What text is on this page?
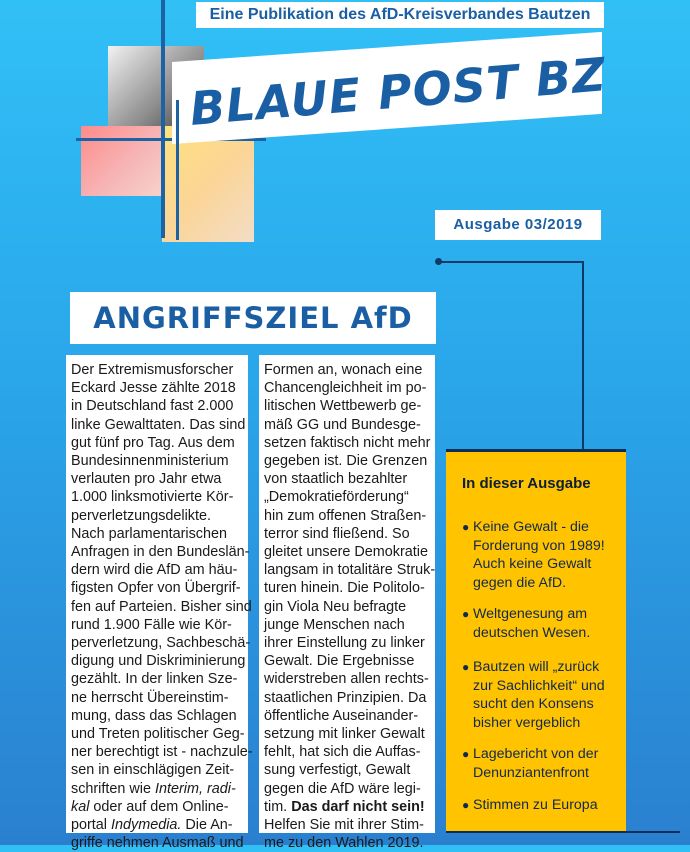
BLAUE POST BZ
Eine Publikation des AfD-Kreisverbandes Bautzen
Ausgabe 03/2019
ANGRIFFSZIEL AfD
Der Extremismusforscher
Eckard Jesse zählte 2018
in Deutschland fast 2.000
linke Gewalttaten. Das sind
gut fünf pro Tag. Aus dem
Bundesinnenministerium
verlauten pro Jahr etwa
1.000 linksmotivierte Kör-
perverletzungsdelikte.
Nach parlamentarischen
Anfragen in den Bundeslän-
dern wird die AfD am häu-
figsten Opfer von Übergrif-
fen auf Parteien. Bisher sind
rund 1.900 Fälle wie Kör-
perverletzung, Sachbeschä-
digung und Diskriminierung
gezählt. In der linken Sze-
ne herrscht Übereinstim-
mung, dass das Schlagen
und Treten politischer Geg-
ner berechtigt ist - nachzule-
sen in einschlägigen Zeit-
schriften wie Interim, radi-
kal oder auf dem Online-
portal Indymedia. Die An-
griffe nehmen Ausmaß und
Formen an, wonach eine
Chancengleichheit im po-
litischen Wettbewerb ge-
mäß GG und Bundesge-
setzen faktisch nicht mehr
gegeben ist. Die Grenzen
von staatlich bezahlter
„Demokratieförderung“
hin zum offenen Straßen-
terror sind fließend. So
gleitet unsere Demokratie
langsam in totalitäre Struk-
turen hinein. Die Politolo-
gin Viola Neu befragte
junge Menschen nach
ihrer Einstellung zu linker
Gewalt. Die Ergebnisse
widerstreben allen rechts-
staatlichen Prinzipien. Da
öffentliche Auseinander-
setzung mit linker Gewalt
fehlt, hat sich die Auffas-
sung verfestigt, Gewalt
gegen die AfD wäre legi-
tim. Das darf nicht sein!
Helfen Sie mit ihrer Stim-
me zu den Wahlen 2019.
In dieser Ausgabe
● Keine Gewalt - die
Forderung von 1989!
Auch keine Gewalt
gegen die AfD.
● Weltgenesung am
deutschen Wesen.
● Bautzen will „zurück
zur Sachlichkeit“ und
sucht den Konsens
bisher vergeblich
● Lagebericht von der
Denunziantenfront
● Stimmen zu Europa
